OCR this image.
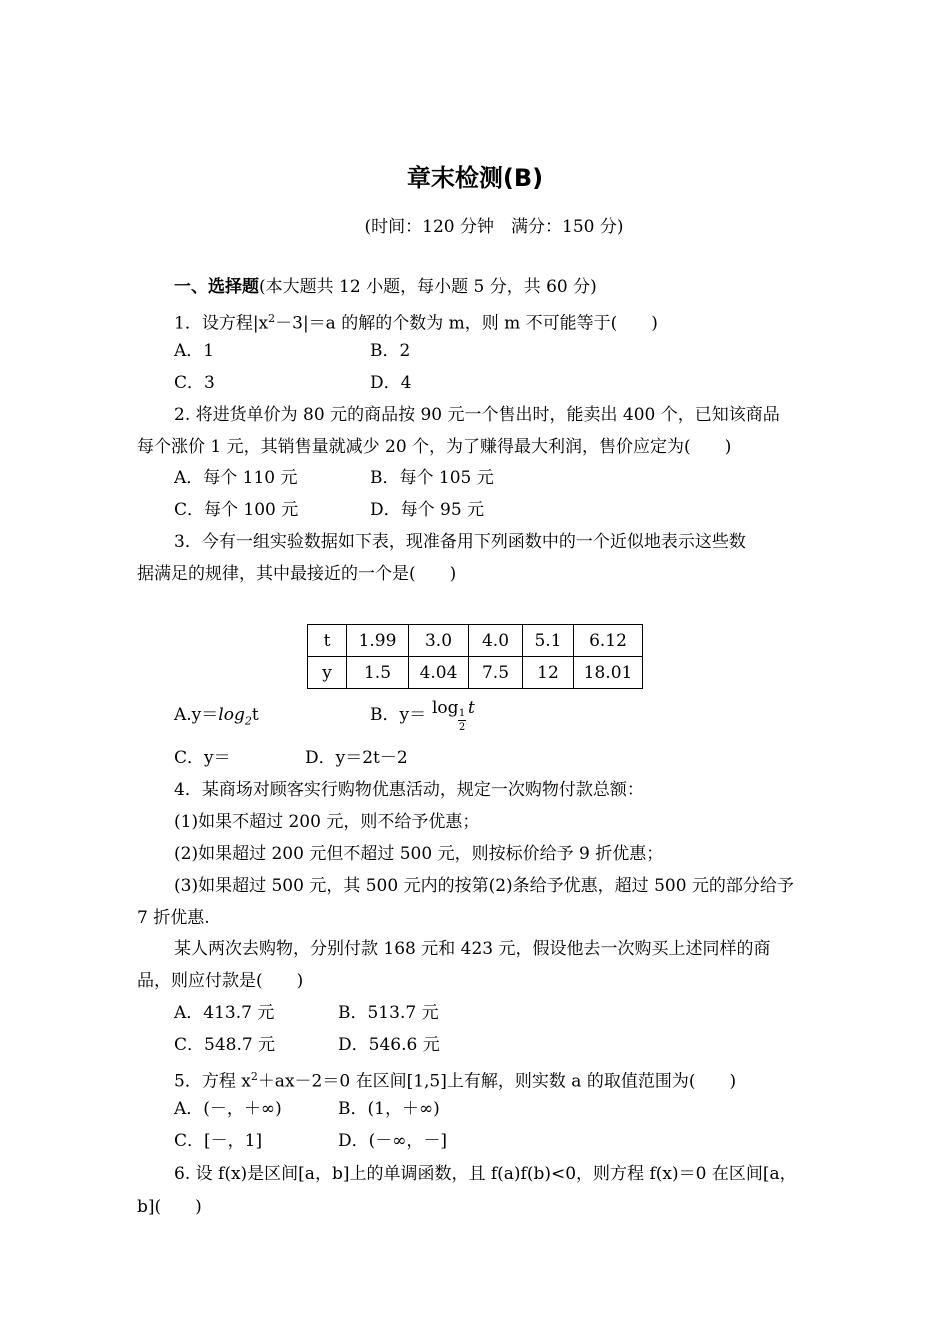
章末检测(B)
(时间：120 分钟　满分：150 分)
一、选择题(本大题共 12 小题，每小题 5 分，共 60 分)
1．设方程$|x^2-3|=a$ 的解的个数为 m，则 m 不可能等于(　　)
A．1	B．2
C．3	D．4
2. 将进货单价为 80 元的商品按 90 元一个售出时，能卖出 400 个，已知该商品
每个涨价 1 元，其销售量就减少 20 个，为了赚得最大利润，售价应定为(　　)
A．每个 110 元	B．每个 105 元
C．每个 100 元	D．每个 95 元
3．今有一组实验数据如下表，现准备用下列函数中的一个近似地表示这些数
据满足的规律，其中最接近的一个是(　　)
t	1.99	3.0	4.0	5.1	6.12
y	1.5	4.04	7.5	12	18.01
$A.y=\log_2t$	B．y＝ log 1
2
t
C．y＝	D．y＝2t－2
4．某商场对顾客实行购物优惠活动，规定一次购物付款总额：
(1)如果不超过 200 元，则不给予优惠；
(2)如果超过 200 元但不超过 500 元，则按标价给予 9 折优惠；
(3)如果超过 500 元，其 500 元内的按第(2)条给予优惠，超过 500 元的部分给予
7 折优惠.
某人两次去购物，分别付款 168 元和 423 元，假设他去一次购买上述同样的商
品，则应付款是(　　)
A．413.7 元	B．513.7 元
C．548.7 元	D．546.6 元
5．方程 $x^2+ax-2=0$ 在区间[1,5]上有解，则实数 a 的取值范围为(　　)
A．(－，＋∞)	B．(1，＋∞)
C．[－，1]	D．(－∞，－]
6. 设 f(x)是区间[a，b]上的单调函数，且 f(a)f(b)<0，则方程 f(x)＝0 在区间[a，
b](　　)
